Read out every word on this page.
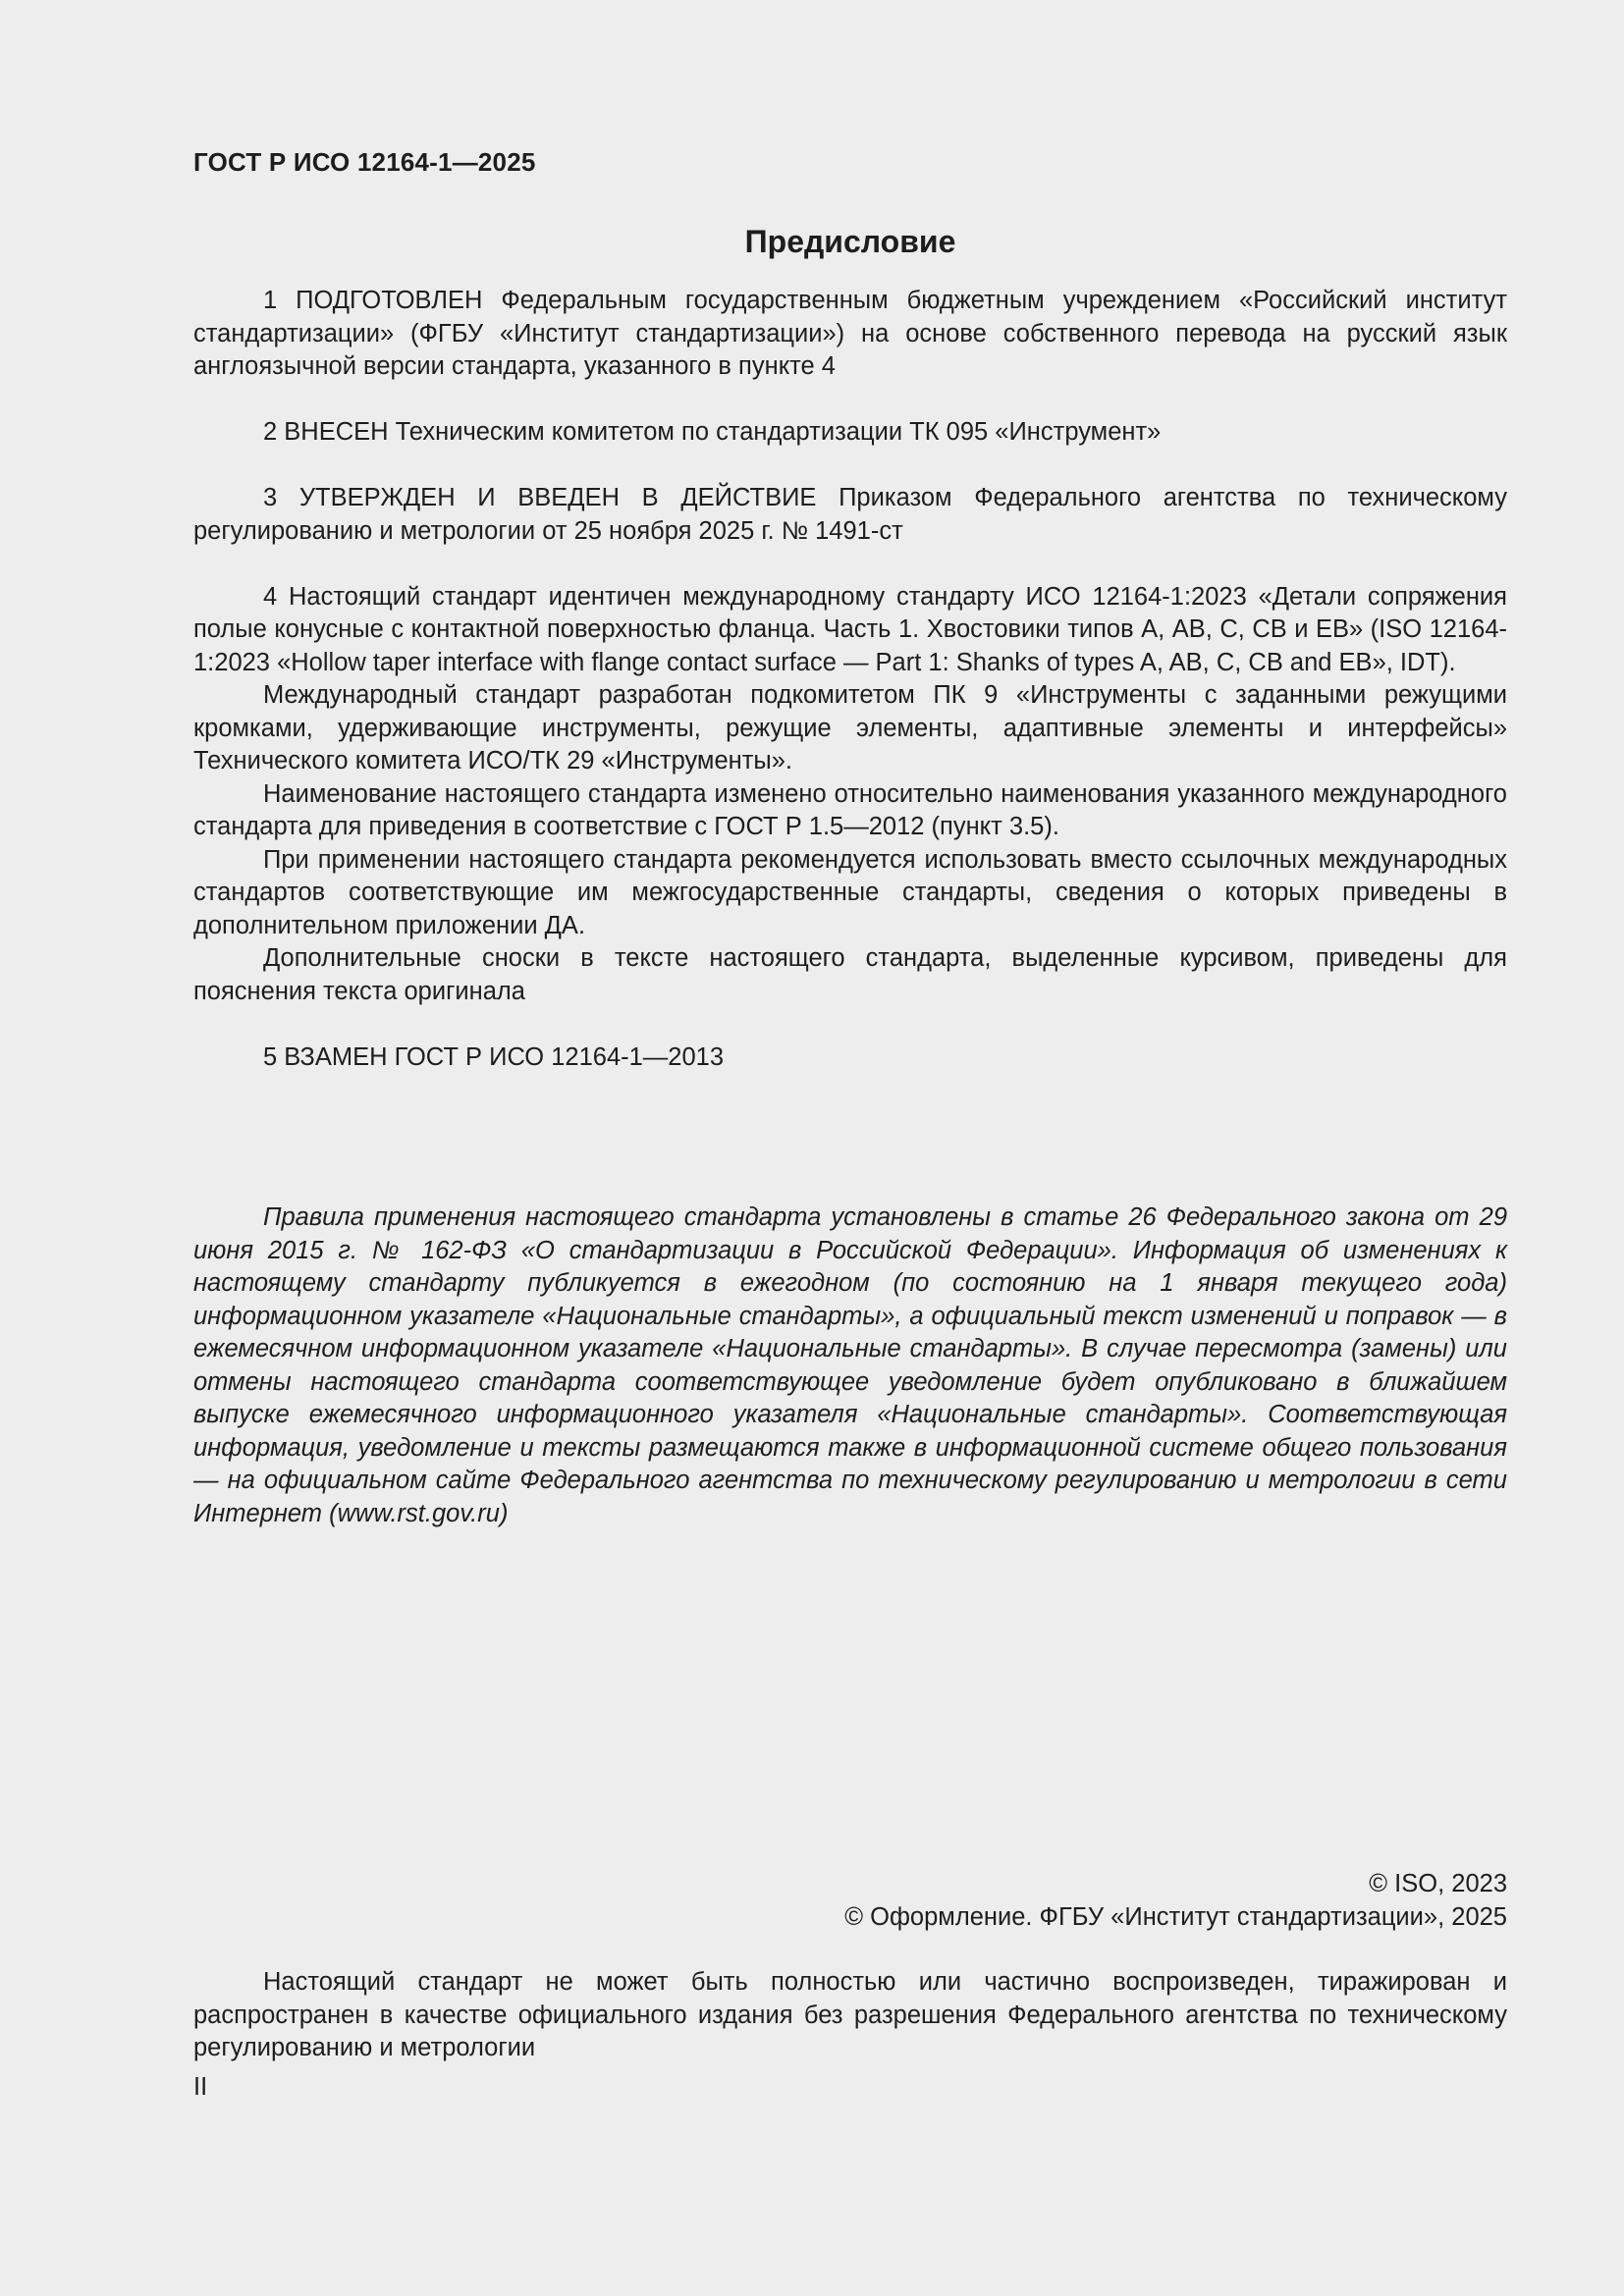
ГОСТ Р ИСО 12164-1—2025
Предисловие

1 ПОДГОТОВЛЕН Федеральным государственным бюджетным учреждением «Российский институт стандартизации» (ФГБУ «Институт стандартизации») на основе собственного перевода на русский язык англоязычной версии стандарта, указанного в пункте 4

2 ВНЕСЕН Техническим комитетом по стандартизации ТК 095 «Инструмент»

3 УТВЕРЖДЕН И ВВЕДЕН В ДЕЙСТВИЕ Приказом Федерального агентства по техническому регулированию и метрологии от 25 ноября 2025 г. № 1491-ст

4 Настоящий стандарт идентичен международному стандарту ИСО 12164-1:2023 «Детали сопряжения полые конусные с контактной поверхностью фланца. Часть 1. Хвостовики типов А, АВ, С, СВ и ЕВ» (ISO 12164-1:2023 «Hollow taper interface with flange contact surface — Part 1: Shanks of types A, AB, C, CB and EB», IDT).

Международный стандарт разработан подкомитетом ПК 9 «Инструменты с заданными режущими кромками, удерживающие инструменты, режущие элементы, адаптивные элементы и интерфейсы» Технического комитета ИСО/ТК 29 «Инструменты».

Наименование настоящего стандарта изменено относительно наименования указанного международного стандарта для приведения в соответствие с ГОСТ Р 1.5—2012 (пункт 3.5).

При применении настоящего стандарта рекомендуется использовать вместо ссылочных международных стандартов соответствующие им межгосударственные стандарты, сведения о которых приведены в дополнительном приложении ДА.

Дополнительные сноски в тексте настоящего стандарта, выделенные курсивом, приведены для пояснения текста оригинала

5 ВЗАМЕН ГОСТ Р ИСО 12164-1—2013

Правила применения настоящего стандарта установлены в статье 26 Федерального закона от 29 июня 2015 г. № 162-ФЗ «О стандартизации в Российской Федерации». Информация об изменениях к настоящему стандарту публикуется в ежегодном (по состоянию на 1 января текущего года) информационном указателе «Национальные стандарты», а официальный текст изменений и поправок — в ежемесячном информационном указателе «Национальные стандарты». В случае пересмотра (замены) или отмены настоящего стандарта соответствующее уведомление будет опубликовано в ближайшем выпуске ежемесячного информационного указателя «Национальные стандарты». Соответствующая информация, уведомление и тексты размещаются также в информационной системе общего пользования — на официальном сайте Федерального агентства по техническому регулированию и метрологии в сети Интернет (www.rst.gov.ru)

© ISO, 2023
© Оформление. ФГБУ «Институт стандартизации», 2025

Настоящий стандарт не может быть полностью или частично воспроизведен, тиражирован и распространен в качестве официального издания без разрешения Федерального агентства по техническому регулированию и метрологии

II
